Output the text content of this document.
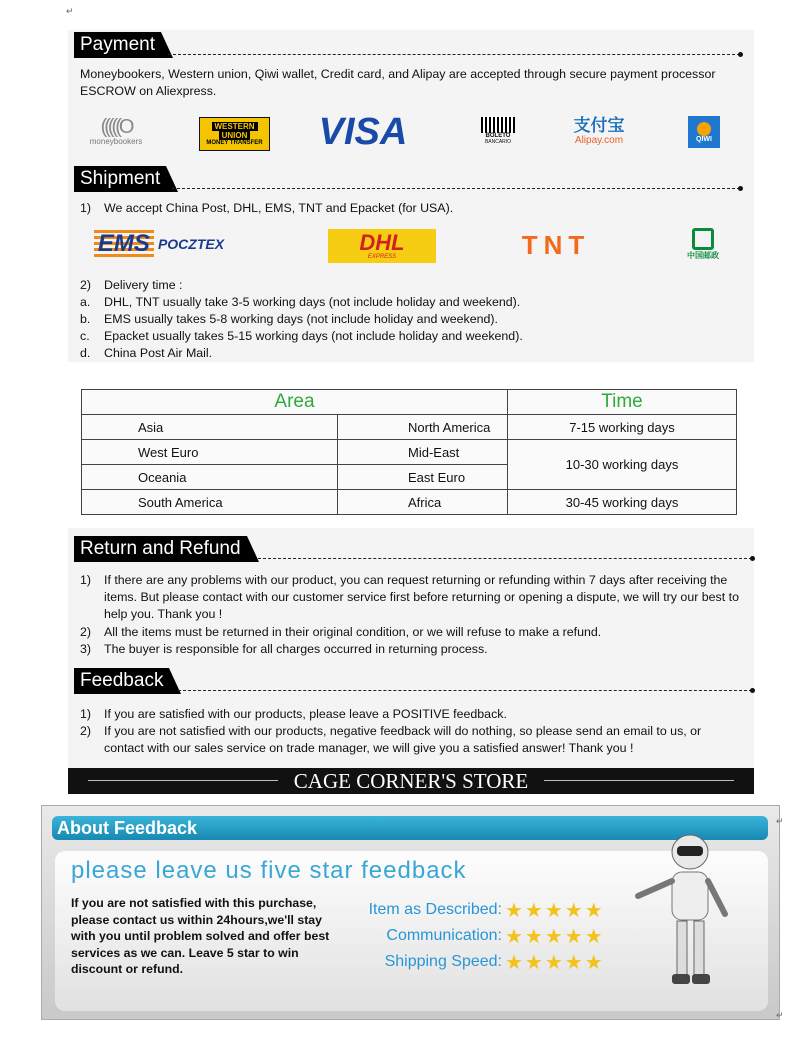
↵
Payment
Moneybookers, Western union, Qiwi wallet, Credit card, and Alipay are accepted through secure payment processor ESCROW on Aliexpress.
(((((O
moneybookers
WESTERN
UNION
MONEY TRANSFER VISA	BOLETO
BANCARIO
支付宝
Alipay.com	QIWI
Shipment
1) We accept China Post, DHL, EMS, TNT and Epacket (for USA).
EMS POCZTEX	DHL
EXPRESS	TNT	中国邮政
2) Delivery time :
a. DHL, TNT usually take 3-5 working days (not include holiday and weekend).
b. EMS usually takes 5-8 working days (not include holiday and weekend).
c. Epacket usually takes 5-15 working days (not include holiday and weekend).
d. China Post Air Mail.
Area		Time
Asia	North America	7-15 working days
West Euro	Mid-East	10-30 working days
Oceania	East Euro	
South America	Africa	30-45 working days
Return and Refund
1) If there are any problems with our product, you can request returning or refunding within 7 days after receiving the items. But please contact with our customer service first before returning or opening a dispute, we will try our best to help you. Thank you !
2) All the items must be returned in their original condition, or we will refuse to make a refund.
3) The buyer is responsible for all charges occurred in returning process.
Feedback
1) If you are satisfied with our products, please leave a POSITIVE feedback.
2) If you are not satisfied with our products, negative feedback will do nothing, so please send an email to us, or contact with our sales service on trade manager, we will give you a satisfied answer! Thank you !
CAGE CORNER'S STORE
About Feedback
please leave us five star feedback
If you are not satisfied with this purchase, please contact us within 24hours,we'll stay with you until problem solved and offer best services as we can. Leave 5 star to win discount or refund.
Item as Described: ★★★★★
Communication: ★★★★★
Shipping Speed: ★★★★★
↵
↵
